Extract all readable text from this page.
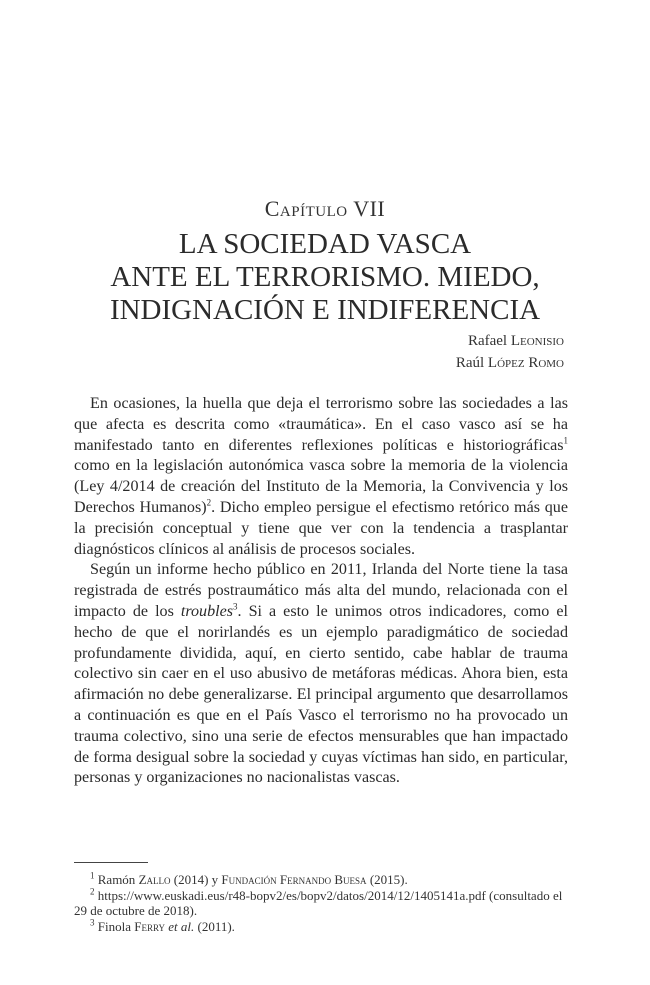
Capítulo VII
LA SOCIEDAD VASCA
ANTE EL TERRORISMO. MIEDO,
INDIGNACIÓN E INDIFERENCIA
Rafael Leonisio
Raúl López Romo

En ocasiones, la huella que deja el terrorismo sobre las sociedades a las que afecta es descrita como «traumática». En el caso vasco así se ha manifestado tanto en diferentes reflexiones políticas e historiográficas$^1$ como en la legislación autonómica vasca sobre la memoria de la violencia (Ley 4/2014 de creación del Instituto de la Memoria, la Convivencia y los Derechos Humanos)$^2$. Dicho empleo persigue el efectismo retórico más que la precisión conceptual y tiene que ver con la tendencia a trasplantar diagnósticos clínicos al análisis de procesos sociales.

Según un informe hecho público en 2011, Irlanda del Norte tiene la tasa registrada de estrés postraumático más alta del mundo, relacionada con el impacto de los troubles$^3$. Si a esto le unimos otros indicadores, como el hecho de que el norirlandés es un ejemplo paradigmático de sociedad profundamente dividida, aquí, en cierto sentido, cabe hablar de trauma colectivo sin caer en el uso abusivo de metáforas médicas. Ahora bien, esta afirmación no debe generalizarse. El principal argumento que desarrollamos a continuación es que en el País Vasco el terrorismo no ha provocado un trauma colectivo, sino una serie de efectos mensurables que han impactado de forma desigual sobre la sociedad y cuyas víctimas han sido, en particular, personas y organizaciones no nacionalistas vascas.

$^1$ Ramón Zallo (2014) y Fundación Fernando Buesa (2015).

$^2$ https://www.euskadi.eus/r48-bopv2/es/bopv2/datos/2014/12/1405141a.pdf (consultado el 29 de octubre de 2018).

$^3$ Finola Ferry et al. (2011).
